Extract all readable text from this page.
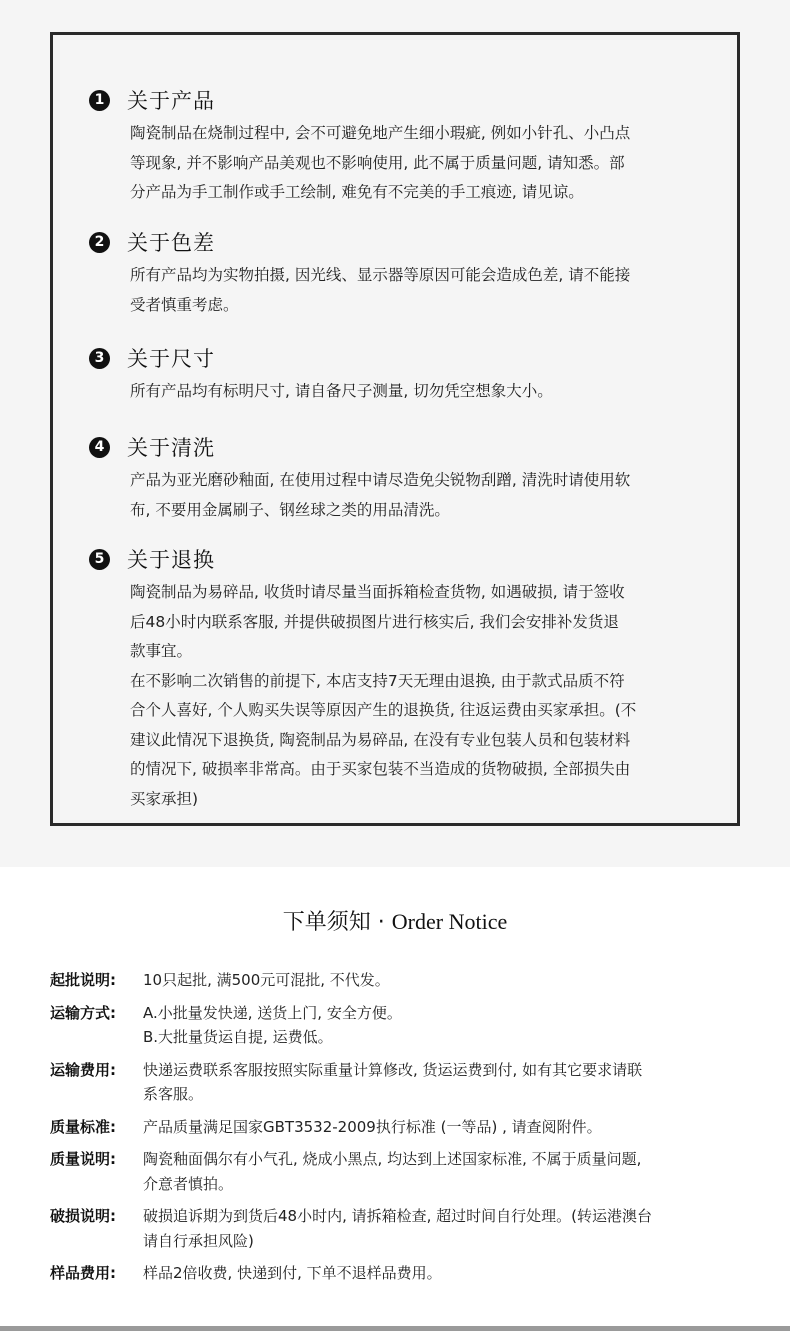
1 关于产品

陶瓷制品在烧制过程中, 会不可避免地产生细小瑕疵, 例如小针孔、小凸点
等现象, 并不影响产品美观也不影响使用, 此不属于质量问题, 请知悉。部
分产品为手工制作或手工绘制, 难免有不完美的手工痕迹, 请见谅。

2 关于色差

所有产品均为实物拍摄, 因光线、显示器等原因可能会造成色差, 请不能接
受者慎重考虑。

3 关于尺寸

所有产品均有标明尺寸, 请自备尺子测量, 切勿凭空想象大小。

4 关于清洗

产品为亚光磨砂釉面, 在使用过程中请尽造免尖锐物刮蹭, 清洗时请使用软
布, 不要用金属刷子、钢丝球之类的用品清洗。

5 关于退换

陶瓷制品为易碎品, 收货时请尽量当面拆箱检查货物, 如遇破损, 请于签收
后48小时内联系客服, 并提供破损图片进行核实后, 我们会安排补发货退
款事宜。

在不影响二次销售的前提下, 本店支持7天无理由退换, 由于款式品质不符
合个人喜好, 个人购买失误等原因产生的退换货, 往返运费由买家承担。(不
建议此情况下退换货, 陶瓷制品为易碎品, 在没有专业包装人员和包装材料
的情况下, 破损率非常高。由于买家包装不当造成的货物破损, 全部损失由
买家承担)

下单须知 · Order Notice
起批说明:	10只起批, 满500元可混批, 不代发。
运输方式:	A.小批量发快递, 送货上门, 安全方便。
B.大批量货运自提, 运费低。
运输费用:	快递运费联系客服按照实际重量计算修改, 货运运费到付, 如有其它要求请联
系客服。
质量标准:	产品质量满足国家GBT3532-2009执行标准 (一等品) , 请查阅附件。
质量说明:	陶瓷釉面偶尔有小气孔, 烧成小黑点, 均达到上述国家标准, 不属于质量问题,
介意者慎拍。
破损说明:	破损追诉期为到货后48小时内, 请拆箱检查, 超过时间自行处理。(转运港澳台
请自行承担风险)
样品费用:	样品2倍收费, 快递到付, 下单不退样品费用。
